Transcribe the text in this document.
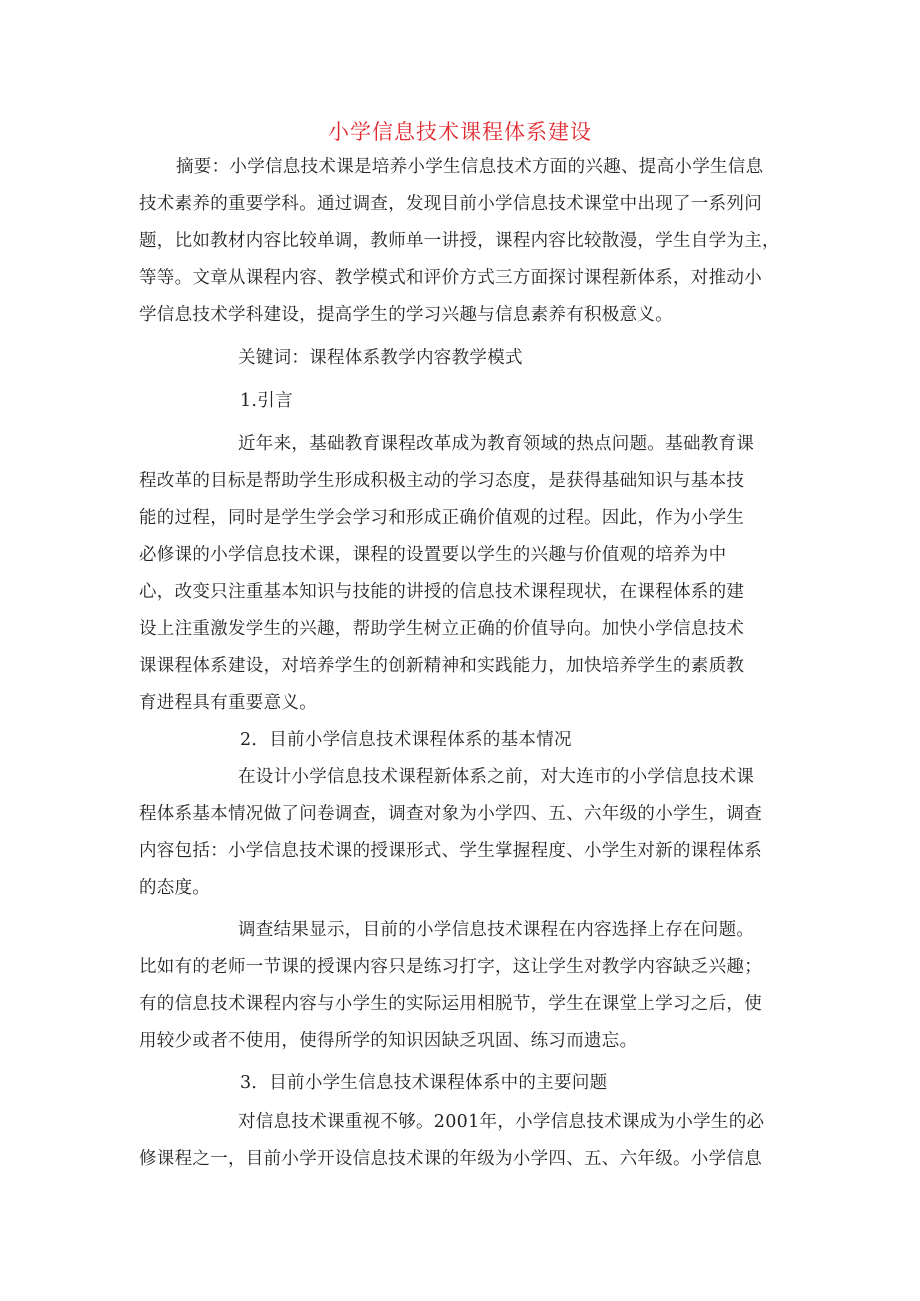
小学信息技术课程体系建设
摘要：小学信息技术课是培养小学生信息技术方面的兴趣、提高小学生信息
技术素养的重要学科。通过调查，发现目前小学信息技术课堂中出现了一系列问
题，比如教材内容比较单调，教师单一讲授，课程内容比较散漫，学生自学为主，
等等。文章从课程内容、教学模式和评价方式三方面探讨课程新体系，对推动小
学信息技术学科建设，提高学生的学习兴趣与信息素养有积极意义。
关键词：课程体系教学内容教学模式
1.引言
近年来，基础教育课程改革成为教育领域的热点问题。基础教育课
程改革的目标是帮助学生形成积极主动的学习态度，是获得基础知识与基本技
能的过程，同时是学生学会学习和形成正确价值观的过程。因此，作为小学生
必修课的小学信息技术课，课程的设置要以学生的兴趣与价值观的培养为中
心，改变只注重基本知识与技能的讲授的信息技术课程现状，在课程体系的建
设上注重激发学生的兴趣，帮助学生树立正确的价值导向。加快小学信息技术
课课程体系建设，对培养学生的创新精神和实践能力，加快培养学生的素质教
育进程具有重要意义。
2．目前小学信息技术课程体系的基本情况
在设计小学信息技术课程新体系之前，对大连市的小学信息技术课
程体系基本情况做了问卷调查，调查对象为小学四、五、六年级的小学生，调查
内容包括：小学信息技术课的授课形式、学生掌握程度、小学生对新的课程体系
的态度。
调查结果显示，目前的小学信息技术课程在内容选择上存在问题。
比如有的老师一节课的授课内容只是练习打字，这让学生对教学内容缺乏兴趣；
有的信息技术课程内容与小学生的实际运用相脱节，学生在课堂上学习之后，使
用较少或者不使用，使得所学的知识因缺乏巩固、练习而遗忘。
3．目前小学生信息技术课程体系中的主要问题
对信息技术课重视不够。2001年，小学信息技术课成为小学生的必
修课程之一，目前小学开设信息技术课的年级为小学四、五、六年级。小学信息
